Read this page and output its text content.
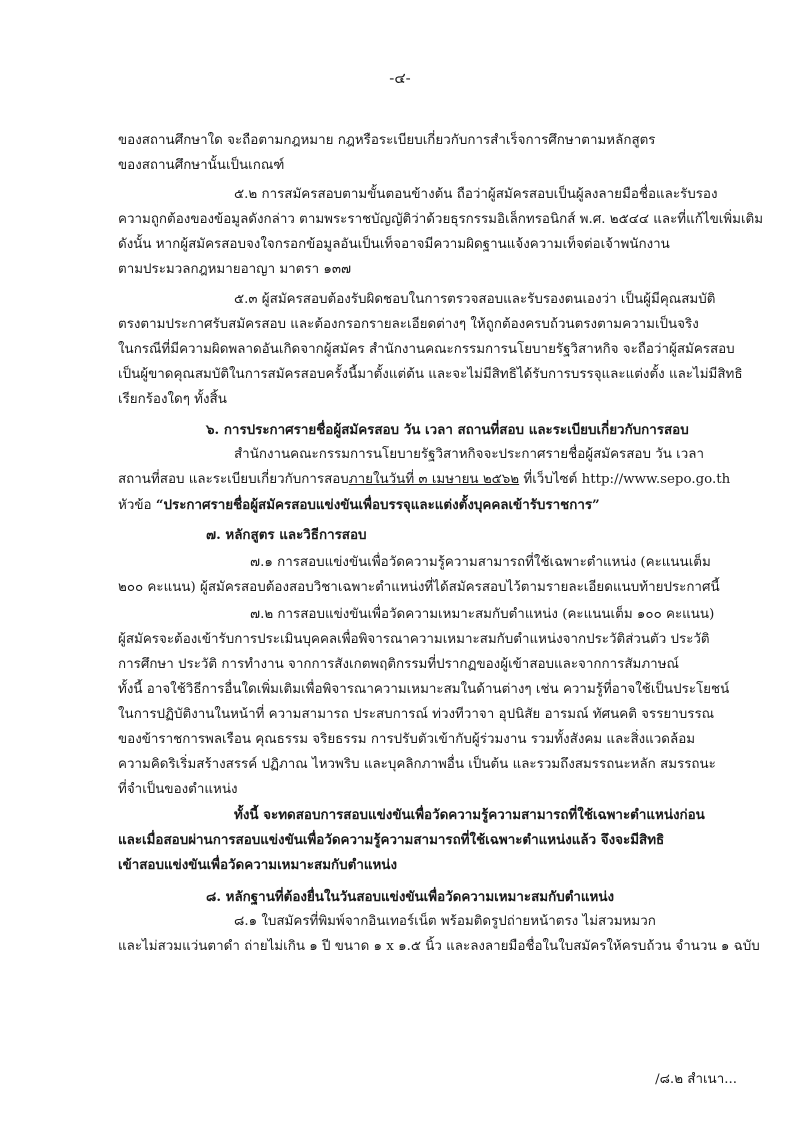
-๔-
ของสถานศึกษาใด จะถือตามกฎหมาย กฎหรือระเบียบเกี่ยวกับการสำเร็จการศึกษาตามหลักสูตร
ของสถานศึกษานั้นเป็นเกณฑ์
๕.๒ การสมัครสอบตามขั้นตอนข้างต้น ถือว่าผู้สมัครสอบเป็นผู้ลงลายมือชื่อและรับรอง
ความถูกต้องของข้อมูลดังกล่าว ตามพระราชบัญญัติว่าด้วยธุรกรรมอิเล็กทรอนิกส์ พ.ศ. ๒๕๔๔ และที่แก้ไขเพิ่มเติม
ดังนั้น หากผู้สมัครสอบจงใจกรอกข้อมูลอันเป็นเท็จอาจมีความผิดฐานแจ้งความเท็จต่อเจ้าพนักงาน
ตามประมวลกฎหมายอาญา มาตรา ๑๓๗
๕.๓ ผู้สมัครสอบต้องรับผิดชอบในการตรวจสอบและรับรองตนเองว่า เป็นผู้มีคุณสมบัติ
ตรงตามประกาศรับสมัครสอบ และต้องกรอกรายละเอียดต่างๆ ให้ถูกต้องครบถ้วนตรงตามความเป็นจริง
ในกรณีที่มีความผิดพลาดอันเกิดจากผู้สมัคร สำนักงานคณะกรรมการนโยบายรัฐวิสาหกิจ จะถือว่าผู้สมัครสอบ
เป็นผู้ขาดคุณสมบัติในการสมัครสอบครั้งนี้มาตั้งแต่ต้น และจะไม่มีสิทธิได้รับการบรรจุและแต่งตั้ง และไม่มีสิทธิ
เรียกร้องใดๆ ทั้งสิ้น
๖. การประกาศรายชื่อผู้สมัครสอบ วัน เวลา สถานที่สอบ และระเบียบเกี่ยวกับการสอบ
สำนักงานคณะกรรมการนโยบายรัฐวิสาหกิจจะประกาศรายชื่อผู้สมัครสอบ วัน เวลา
สถานที่สอบ และระเบียบเกี่ยวกับการสอบภายในวันที่ ๓ เมษายน ๒๕๖๒ ที่เว็บไซต์ http://www.sepo.go.th
หัวข้อ “ประกาศรายชื่อผู้สมัครสอบแข่งขันเพื่อบรรจุและแต่งตั้งบุคคลเข้ารับราชการ”
๗. หลักสูตร และวิธีการสอบ
๗.๑ การสอบแข่งขันเพื่อวัดความรู้ความสามารถที่ใช้เฉพาะตำแหน่ง (คะแนนเต็ม
๒๐๐ คะแนน) ผู้สมัครสอบต้องสอบวิชาเฉพาะตำแหน่งที่ได้สมัครสอบไว้ตามรายละเอียดแนบท้ายประกาศนี้
๗.๒ การสอบแข่งขันเพื่อวัดความเหมาะสมกับตำแหน่ง (คะแนนเต็ม ๑๐๐ คะแนน)
ผู้สมัครจะต้องเข้ารับการประเมินบุคคลเพื่อพิจารณาความเหมาะสมกับตำแหน่งจากประวัติส่วนตัว ประวัติ
การศึกษา ประวัติ การทำงาน จากการสังเกตพฤติกรรมที่ปรากฏของผู้เข้าสอบและจากการสัมภาษณ์
ทั้งนี้ อาจใช้วิธีการอื่นใดเพิ่มเติมเพื่อพิจารณาความเหมาะสมในด้านต่างๆ เช่น ความรู้ที่อาจใช้เป็นประโยชน์
ในการปฏิบัติงานในหน้าที่ ความสามารถ ประสบการณ์ ท่วงทีวาจา อุปนิสัย อารมณ์ ทัศนคติ จรรยาบรรณ
ของข้าราชการพลเรือน คุณธรรม จริยธรรม การปรับตัวเข้ากับผู้ร่วมงาน รวมทั้งสังคม และสิ่งแวดล้อม
ความคิดริเริ่มสร้างสรรค์ ปฏิภาณ ไหวพริบ และบุคลิกภาพอื่น เป็นต้น และรวมถึงสมรรถนะหลัก สมรรถนะ
ที่จำเป็นของตำแหน่ง
ทั้งนี้ จะทดสอบการสอบแข่งขันเพื่อวัดความรู้ความสามารถที่ใช้เฉพาะตำแหน่งก่อน
และเมื่อสอบผ่านการสอบแข่งขันเพื่อวัดความรู้ความสามารถที่ใช้เฉพาะตำแหน่งแล้ว จึงจะมีสิทธิ
เข้าสอบแข่งขันเพื่อวัดความเหมาะสมกับตำแหน่ง
๘. หลักฐานที่ต้องยื่นในวันสอบแข่งขันเพื่อวัดความเหมาะสมกับตำแหน่ง
๘.๑ ใบสมัครที่พิมพ์จากอินเทอร์เน็ต พร้อมติดรูปถ่ายหน้าตรง ไม่สวมหมวก
และไม่สวมแว่นตาดำ ถ่ายไม่เกิน ๑ ปี ขนาด ๑ x ๑.๕ นิ้ว และลงลายมือชื่อในใบสมัครให้ครบถ้วน จำนวน ๑ ฉบับ
/๘.๒ สำเนา...
